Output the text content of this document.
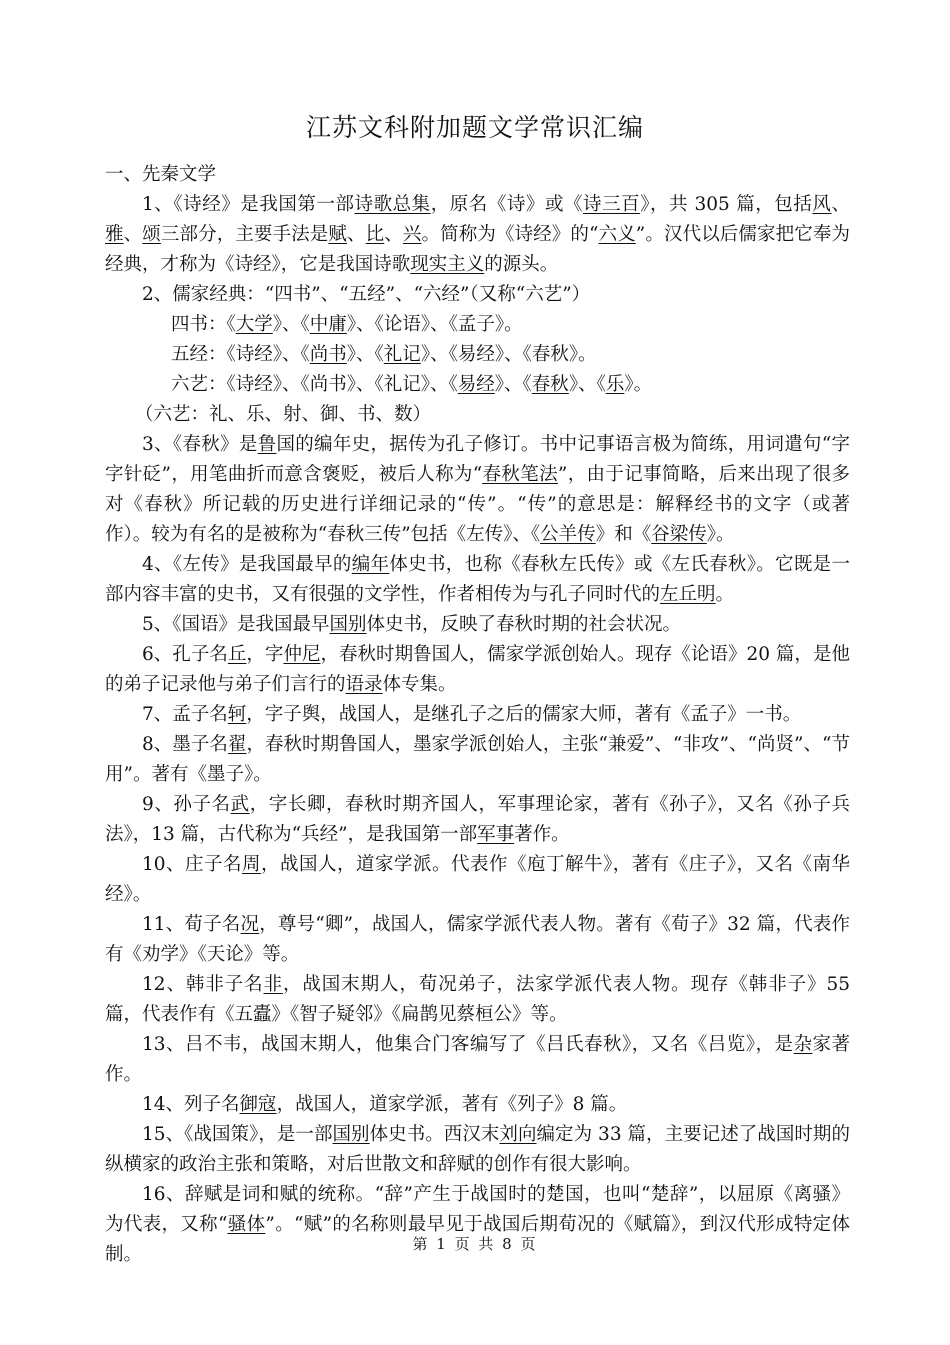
江苏文科附加题文学常识汇编

一、先秦文学

1、《诗经》是我国第一部诗歌总集，原名《诗》或《诗三百》，共 305 篇，包括风、雅、颂三部分，主要手法是赋、比、兴。简称为《诗经》的“六义”。汉代以后儒家把它奉为经典，才称为《诗经》，它是我国诗歌现实主义的源头。

2、儒家经典：“四书”、“五经”、“六经”（又称“六艺”）

四书：《大学》、《中庸》、《论语》、《孟子》。

五经：《诗经》、《尚书》、《礼记》、《易经》、《春秋》。

六艺：《诗经》、《尚书》、《礼记》、《易经》、《春秋》、《乐》。

（六艺：礼、乐、射、御、书、数）

3、《春秋》是鲁国的编年史，据传为孔子修订。书中记事语言极为简练，用词遣句“字字针砭”，用笔曲折而意含褒贬，被后人称为“春秋笔法”，由于记事简略，后来出现了很多对《春秋》所记载的历史进行详细记录的“传”。“传”的意思是：解释经书的文字（或著作）。较为有名的是被称为“春秋三传”包括《左传》、《公羊传》和《谷梁传》。

4、《左传》是我国最早的编年体史书，也称《春秋左氏传》或《左氏春秋》。它既是一部内容丰富的史书，又有很强的文学性，作者相传为与孔子同时代的左丘明。

5、《国语》是我国最早国别体史书，反映了春秋时期的社会状况。

6、孔子名丘，字仲尼，春秋时期鲁国人，儒家学派创始人。现存《论语》20 篇，是他的弟子记录他与弟子们言行的语录体专集。

7、孟子名轲，字子舆，战国人，是继孔子之后的儒家大师，著有《孟子》一书。

8、墨子名翟，春秋时期鲁国人，墨家学派创始人，主张“兼爱”、“非攻”、“尚贤”、“节用”。著有《墨子》。

9、孙子名武，字长卿，春秋时期齐国人，军事理论家，著有《孙子》，又名《孙子兵法》，13 篇，古代称为“兵经”，是我国第一部军事著作。

10、庄子名周，战国人，道家学派。代表作《庖丁解牛》，著有《庄子》，又名《南华经》。

11、荀子名况，尊号“卿”，战国人，儒家学派代表人物。著有《荀子》32 篇，代表作有《劝学》《天论》等。

12、韩非子名非，战国末期人，荀况弟子，法家学派代表人物。现存《韩非子》55 篇，代表作有《五蠹》《智子疑邻》《扁鹊见蔡桓公》等。

13、吕不韦，战国末期人，他集合门客编写了《吕氏春秋》，又名《吕览》，是杂家著作。

14、列子名御寇，战国人，道家学派，著有《列子》8 篇。

15、《战国策》，是一部国别体史书。西汉末刘向编定为 33 篇，主要记述了战国时期的纵横家的政治主张和策略，对后世散文和辞赋的创作有很大影响。

16、辞赋是词和赋的统称。“辞”产生于战国时的楚国，也叫“楚辞”，以屈原《离骚》为代表，又称“骚体”。“赋”的名称则最早见于战国后期荀况的《赋篇》，到汉代形成特定体制。	第 1 页 共 8 页
